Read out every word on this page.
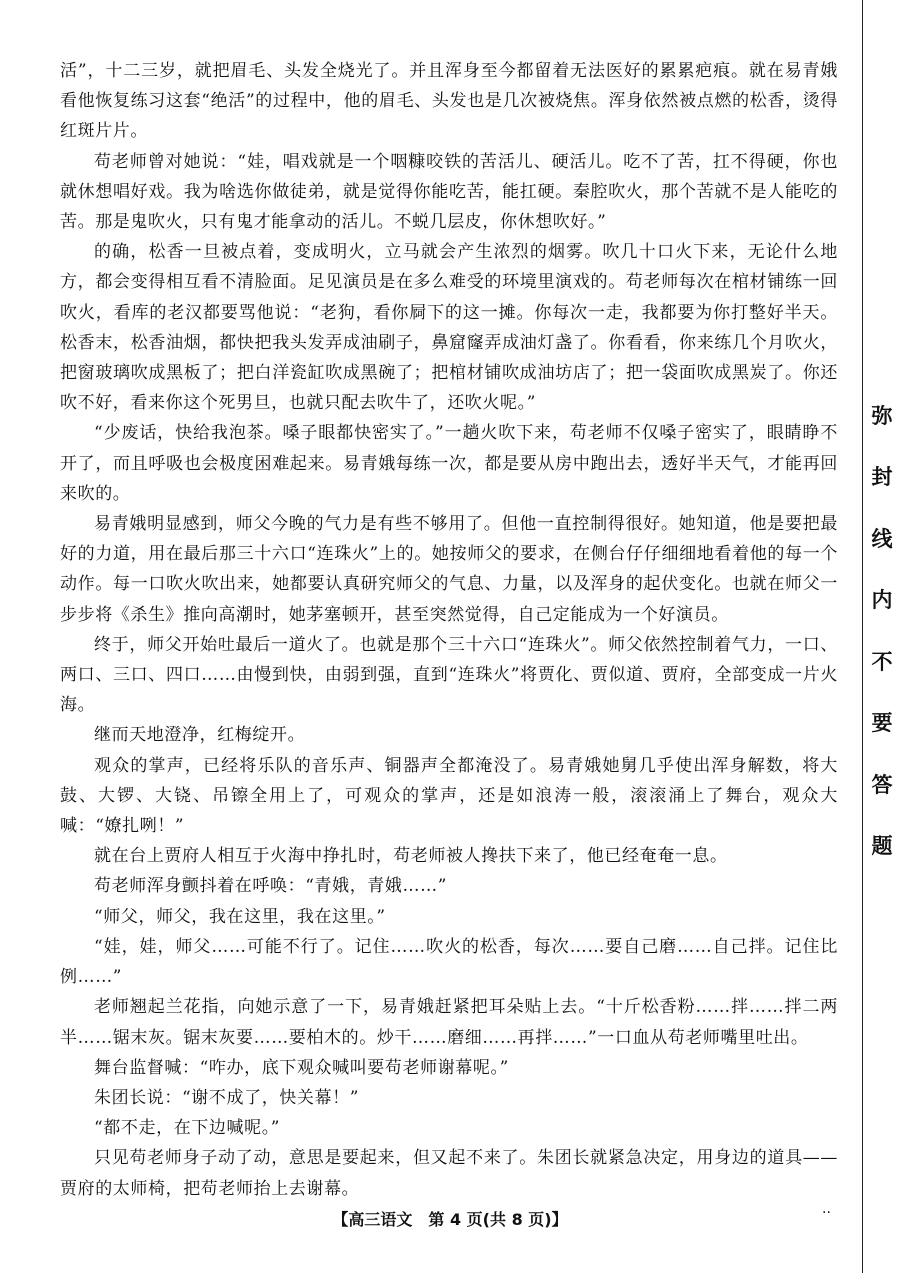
活”，十二三岁，就把眉毛、头发全烧光了。并且浑身至今都留着无法医好的累累疤痕。就在易青娥看他恢复练习这套“绝活”的过程中，他的眉毛、头发也是几次被烧焦。浑身依然被点燃的松香，烫得红斑片片。

苟老师曾对她说：“娃，唱戏就是一个咽糠咬铁的苦活儿、硬活儿。吃不了苦，扛不得硬，你也就休想唱好戏。我为啥选你做徒弟，就是觉得你能吃苦，能扛硬。秦腔吹火，那个苦就不是人能吃的苦。那是鬼吹火，只有鬼才能拿动的活儿。不蜕几层皮，你休想吹好。”

的确，松香一旦被点着，变成明火，立马就会产生浓烈的烟雾。吹几十口火下来，无论什么地方，都会变得相互看不清脸面。足见演员是在多么难受的环境里演戏的。苟老师每次在棺材铺练一回吹火，看库的老汉都要骂他说：“老狗，看你屙下的这一摊。你每次一走，我都要为你打整好半天。松香末，松香油烟，都快把我头发弄成油刷子，鼻窟窿弄成油灯盏了。你看看，你来练几个月吹火，把窗玻璃吹成黑板了；把白洋瓷缸吹成黑碗了；把棺材铺吹成油坊店了；把一袋面吹成黑炭了。你还吹不好，看来你这个死男旦，也就只配去吹牛了，还吹火呢。”

“少废话，快给我泡茶。嗓子眼都快密实了。”一趟火吹下来，苟老师不仅嗓子密实了，眼睛睁不开了，而且呼吸也会极度困难起来。易青娥每练一次，都是要从房中跑出去，透好半天气，才能再回来吹的。

易青娥明显感到，师父今晚的气力是有些不够用了。但他一直控制得很好。她知道，他是要把最好的力道，用在最后那三十六口“连珠火”上的。她按师父的要求，在侧台仔仔细细地看着他的每一个动作。每一口吹火吹出来，她都要认真研究师父的气息、力量，以及浑身的起伏变化。也就在师父一步步将《杀生》推向高潮时，她茅塞顿开，甚至突然觉得，自己定能成为一个好演员。

终于，师父开始吐最后一道火了。也就是那个三十六口“连珠火”。师父依然控制着气力，一口、两口、三口、四口……由慢到快，由弱到强，直到“连珠火”将贾化、贾似道、贾府，全部变成一片火海。

继而天地澄净，红梅绽开。

观众的掌声，已经将乐队的音乐声、铜器声全都淹没了。易青娥她舅几乎使出浑身解数，将大鼓、大锣、大铙、吊镲全用上了，可观众的掌声，还是如浪涛一般，滚滚涌上了舞台，观众大喊：“嫽扎咧！”

就在台上贾府人相互于火海中挣扎时，苟老师被人搀扶下来了，他已经奄奄一息。

苟老师浑身颤抖着在呼唤：“青娥，青娥……”

“师父，师父，我在这里，我在这里。”

“娃，娃，师父……可能不行了。记住……吹火的松香，每次……要自己磨……自己拌。记住比例……”

老师翘起兰花指，向她示意了一下，易青娥赶紧把耳朵贴上去。“十斤松香粉……拌……拌二两半……锯末灰。锯末灰要……要柏木的。炒干……磨细……再拌……”一口血从苟老师嘴里吐出。

舞台监督喊：“咋办，底下观众喊叫要苟老师谢幕呢。”

朱团长说：“谢不成了，快关幕！”

“都不走，在下边喊呢。”

只见苟老师身子动了动，意思是要起来，但又起不来了。朱团长就紧急决定，用身边的道具——贾府的太师椅，把苟老师抬上去谢幕。

弥
封
线
内
不
要
答
题
【高三语文　第 4 页(共 8 页)】	··
